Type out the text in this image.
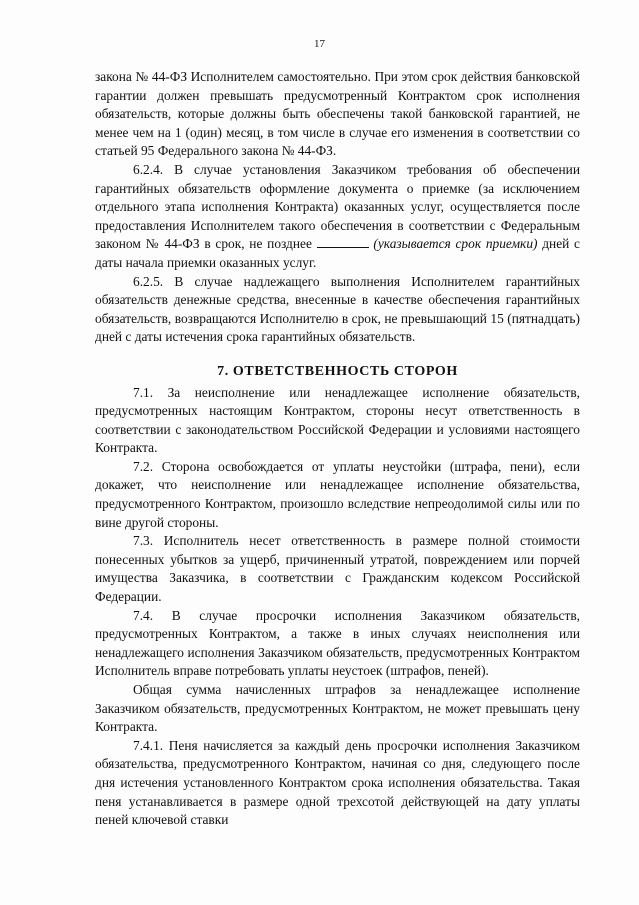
17

закона № 44-ФЗ Исполнителем самостоятельно. При этом срок действия банковской гарантии должен превышать предусмотренный Контрактом срок исполнения обязательств, которые должны быть обеспечены такой банковской гарантией, не менее чем на 1 (один) месяц, в том числе в случае его изменения в соответствии со статьей 95 Федерального закона № 44-ФЗ.

6.2.4. В случае установления Заказчиком требования об обеспечении гарантийных обязательств оформление документа о приемке (за исключением отдельного этапа исполнения Контракта) оказанных услуг, осуществляется после предоставления Исполнителем такого обеспечения в соответствии с Федеральным законом № 44-ФЗ в срок, не позднее	(указывается срок приемки) дней с даты начала приемки оказанных услуг.

6.2.5. В случае надлежащего выполнения Исполнителем гарантийных обязательств денежные средства, внесенные в качестве обеспечения гарантийных обязательств, возвращаются Исполнителю в срок, не превышающий 15 (пятнадцать) дней с даты истечения срока гарантийных обязательств.

7. ОТВЕТСТВЕННОСТЬ СТОРОН

7.1. За неисполнение или ненадлежащее исполнение обязательств, предусмотренных настоящим Контрактом, стороны несут ответственность в соответствии с законодательством Российской Федерации и условиями настоящего Контракта.

7.2. Сторона освобождается от уплаты неустойки (штрафа, пени), если докажет, что неисполнение или ненадлежащее исполнение обязательства, предусмотренного Контрактом, произошло вследствие непреодолимой силы или по вине другой стороны.

7.3. Исполнитель несет ответственность в размере полной стоимости понесенных убытков за ущерб, причиненный утратой, повреждением или порчей имущества Заказчика, в соответствии с Гражданским кодексом Российской Федерации.

7.4. В случае просрочки исполнения Заказчиком обязательств, предусмотренных Контрактом, а также в иных случаях неисполнения или ненадлежащего исполнения Заказчиком обязательств, предусмотренных Контрактом Исполнитель вправе потребовать уплаты неустоек (штрафов, пеней).

Общая сумма начисленных штрафов за ненадлежащее исполнение Заказчиком обязательств, предусмотренных Контрактом, не может превышать цену Контракта.

7.4.1. Пеня начисляется за каждый день просрочки исполнения Заказчиком обязательства, предусмотренного Контрактом, начиная со дня, следующего после дня истечения установленного Контрактом срока исполнения обязательства. Такая пеня устанавливается в размере одной трехсотой действующей на дату уплаты пеней ключевой ставки
